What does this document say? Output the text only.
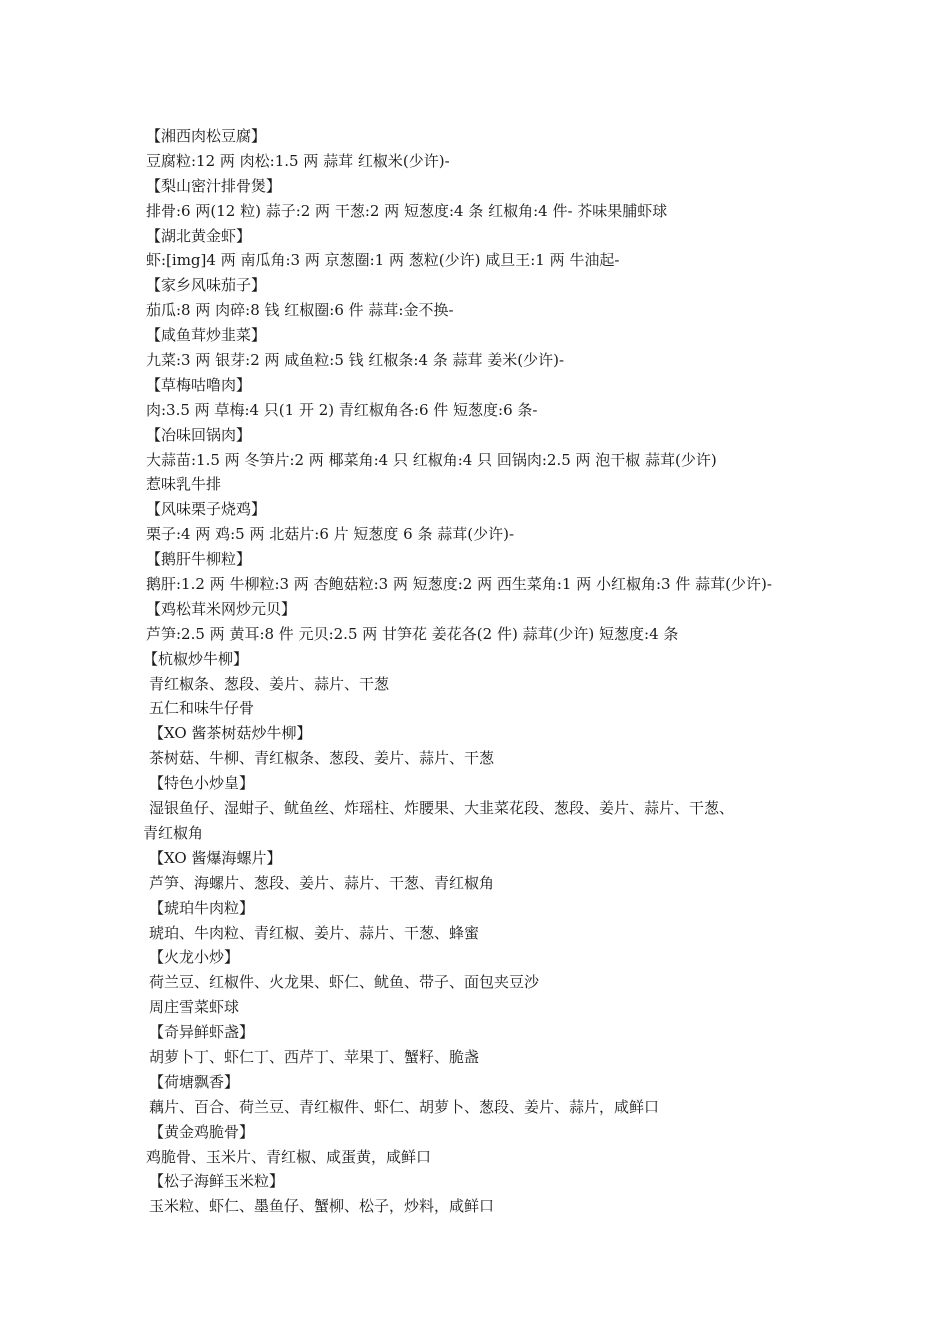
【湘西肉松豆腐】
豆腐粒:12 两 肉松:1.5 两 蒜茸 红椒米(少许)-
【梨山密汁排骨煲】
排骨:6 两(12 粒) 蒜子:2 两 干葱:2 两 短葱度:4 条 红椒角:4 件- 芥味果脯虾球
【湖北黄金虾】
虾:[img]4 两 南瓜角:3 两 京葱圈:1 两 葱粒(少许) 咸旦王:1 两 牛油起-
【家乡风味茄子】
茄瓜:8 两 肉碎:8 钱 红椒圈:6 件 蒜茸:金不换-
【咸鱼茸炒韭菜】
九菜:3 两 银芽:2 两 咸鱼粒:5 钱 红椒条:4 条 蒜茸 姜米(少许)-
【草梅咕噜肉】
肉:3.5 两 草梅:4 只(1 开 2) 青红椒角各:6 件 短葱度:6 条-
【冶味回锅肉】
大蒜苗:1.5 两 冬笋片:2 两 椰菜角:4 只 红椒角:4 只 回锅肉:2.5 两 泡干椒 蒜茸(少许)
惹味乳牛排
【风味栗子烧鸡】
栗子:4 两 鸡:5 两 北菇片:6 片 短葱度 6 条 蒜茸(少许)-
【鹅肝牛柳粒】
鹅肝:1.2 两 牛柳粒:3 两 杏鲍菇粒:3 两 短葱度:2 两 西生菜角:1 两 小红椒角:3 件 蒜茸(少许)-
【鸡松茸米网炒元贝】
芦笋:2.5 两 黄耳:8 件 元贝:2.5 两 甘笋花 姜花各(2 件) 蒜茸(少许) 短葱度:4 条
【杭椒炒牛柳】
青红椒条、葱段、姜片、蒜片、干葱
五仁和味牛仔骨
【XO 酱茶树菇炒牛柳】
茶树菇、牛柳、青红椒条、葱段、姜片、蒜片、干葱
【特色小炒皇】
湿银鱼仔、湿蚶子、鱿鱼丝、炸瑶柱、炸腰果、大韭菜花段、葱段、姜片、蒜片、干葱、
青红椒角
【XO 酱爆海螺片】
芦笋、海螺片、葱段、姜片、蒜片、干葱、青红椒角
【琥珀牛肉粒】
琥珀、牛肉粒、青红椒、姜片、蒜片、干葱、蜂蜜
【火龙小炒】
荷兰豆、红椒件、火龙果、虾仁、鱿鱼、带子、面包夹豆沙
周庄雪菜虾球
【奇异鲜虾盏】
胡萝卜丁、虾仁丁、西芹丁、苹果丁、蟹籽、脆盏
【荷塘飘香】
藕片、百合、荷兰豆、青红椒件、虾仁、胡萝卜、葱段、姜片、蒜片，咸鲜口
【黄金鸡脆骨】
鸡脆骨、玉米片、青红椒、咸蛋黄，咸鲜口
【松子海鲜玉米粒】
玉米粒、虾仁、墨鱼仔、蟹柳、松子，炒料，咸鲜口
